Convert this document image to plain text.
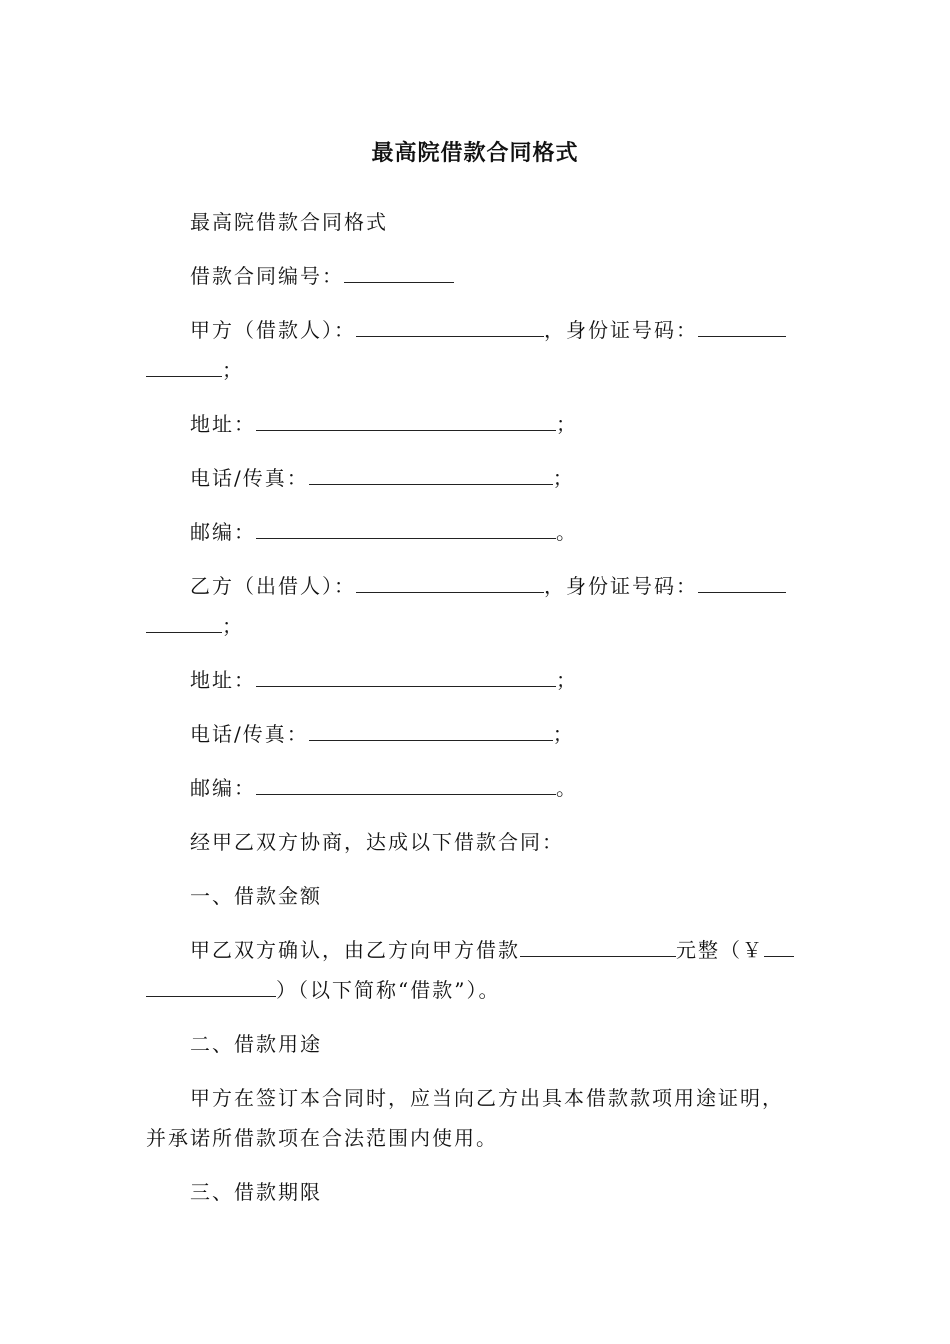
最高院借款合同格式
最高院借款合同格式
借款合同编号：
甲方（借款人）：	，身份证号码：
；
地址：	；
电话/传真：	；
邮编：	。
乙方（出借人）：	，身份证号码：
；
地址：	；
电话/传真：	；
邮编：	。
经甲乙双方协商，达成以下借款合同：
一、借款金额
甲乙双方确认，由乙方向甲方借款	元整（￥
）（以下简称“借款”）。
二、借款用途
甲方在签订本合同时，应当向乙方出具本借款款项用途证明，
并承诺所借款项在合法范围内使用。
三、借款期限
